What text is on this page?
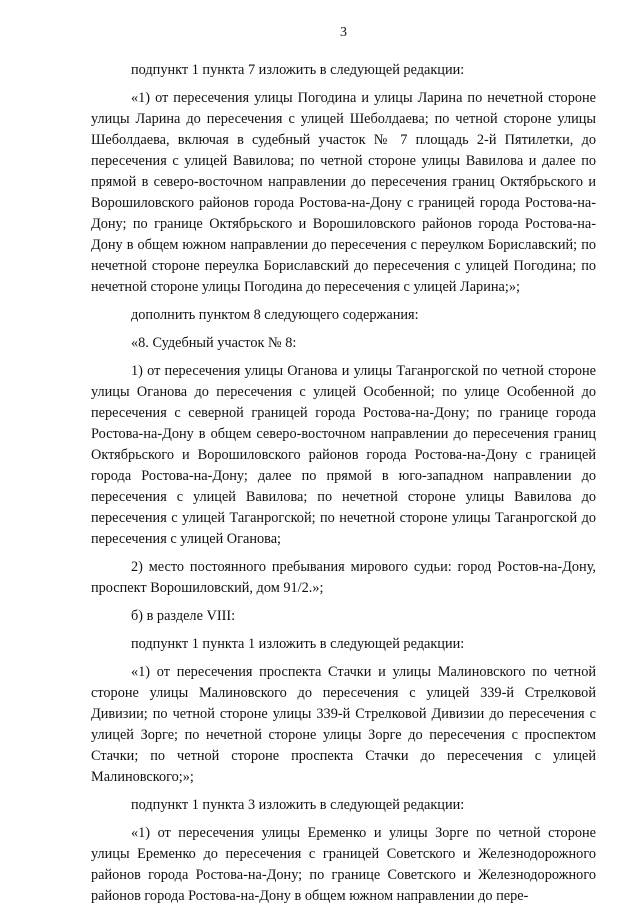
3

подпункт 1 пункта 7 изложить в следующей редакции:

«1) от пересечения улицы Погодина и улицы Ларина по нечетной стороне улицы Ларина до пересечения с улицей Шеболдаева; по четной стороне улицы Шеболдаева, включая в судебный участок № 7 площадь 2-й Пятилетки, до пересечения с улицей Вавилова; по четной стороне улицы Вавилова и далее по прямой в северо-восточном направлении до пересечения границ Октябрьского и Ворошиловского районов города Ростова-на-Дону с границей города Ростова-на-Дону; по границе Октябрьского и Ворошиловского районов города Ростова-на-Дону в общем южном направлении до пересечения с переулком Бориславский; по нечетной стороне переулка Бориславский до пересечения с улицей Погодина; по нечетной стороне улицы Погодина до пересечения с улицей Ларина;»;

дополнить пунктом 8 следующего содержания:

«8. Судебный участок № 8:

1) от пересечения улицы Оганова и улицы Таганрогской по четной стороне улицы Оганова до пересечения с улицей Особенной; по улице Особенной до пересечения с северной границей города Ростова-на-Дону; по границе города Ростова-на-Дону в общем северо-восточном направлении до пересечения границ Октябрьского и Ворошиловского районов города Ростова-на-Дону с границей города Ростова-на-Дону; далее по прямой в юго-западном направлении до пересечения с улицей Вавилова; по нечетной стороне улицы Вавилова до пересечения с улицей Таганрогской; по нечетной стороне улицы Таганрогской до пересечения с улицей Оганова;

2) место постоянного пребывания мирового судьи: город Ростов-на-Дону, проспект Ворошиловский, дом 91/2.»;

б) в разделе VIII:

подпункт 1 пункта 1 изложить в следующей редакции:

«1) от пересечения проспекта Стачки и улицы Малиновского по четной стороне улицы Малиновского до пересечения с улицей 339-й Стрелковой Дивизии; по четной стороне улицы 339-й Стрелковой Дивизии до пересечения с улицей Зорге; по нечетной стороне улицы Зорге до пересечения с проспектом Стачки; по четной стороне проспекта Стачки до пересечения с улицей Малиновского;»;

подпункт 1 пункта 3 изложить в следующей редакции:

«1) от пересечения улицы Еременко и улицы Зорге по четной стороне улицы Еременко до пересечения с границей Советского и Железнодорожного районов города Ростова-на-Дону; по границе Советского и Железнодорожного районов города Ростова-на-Дону в общем южном направлении до пере-
